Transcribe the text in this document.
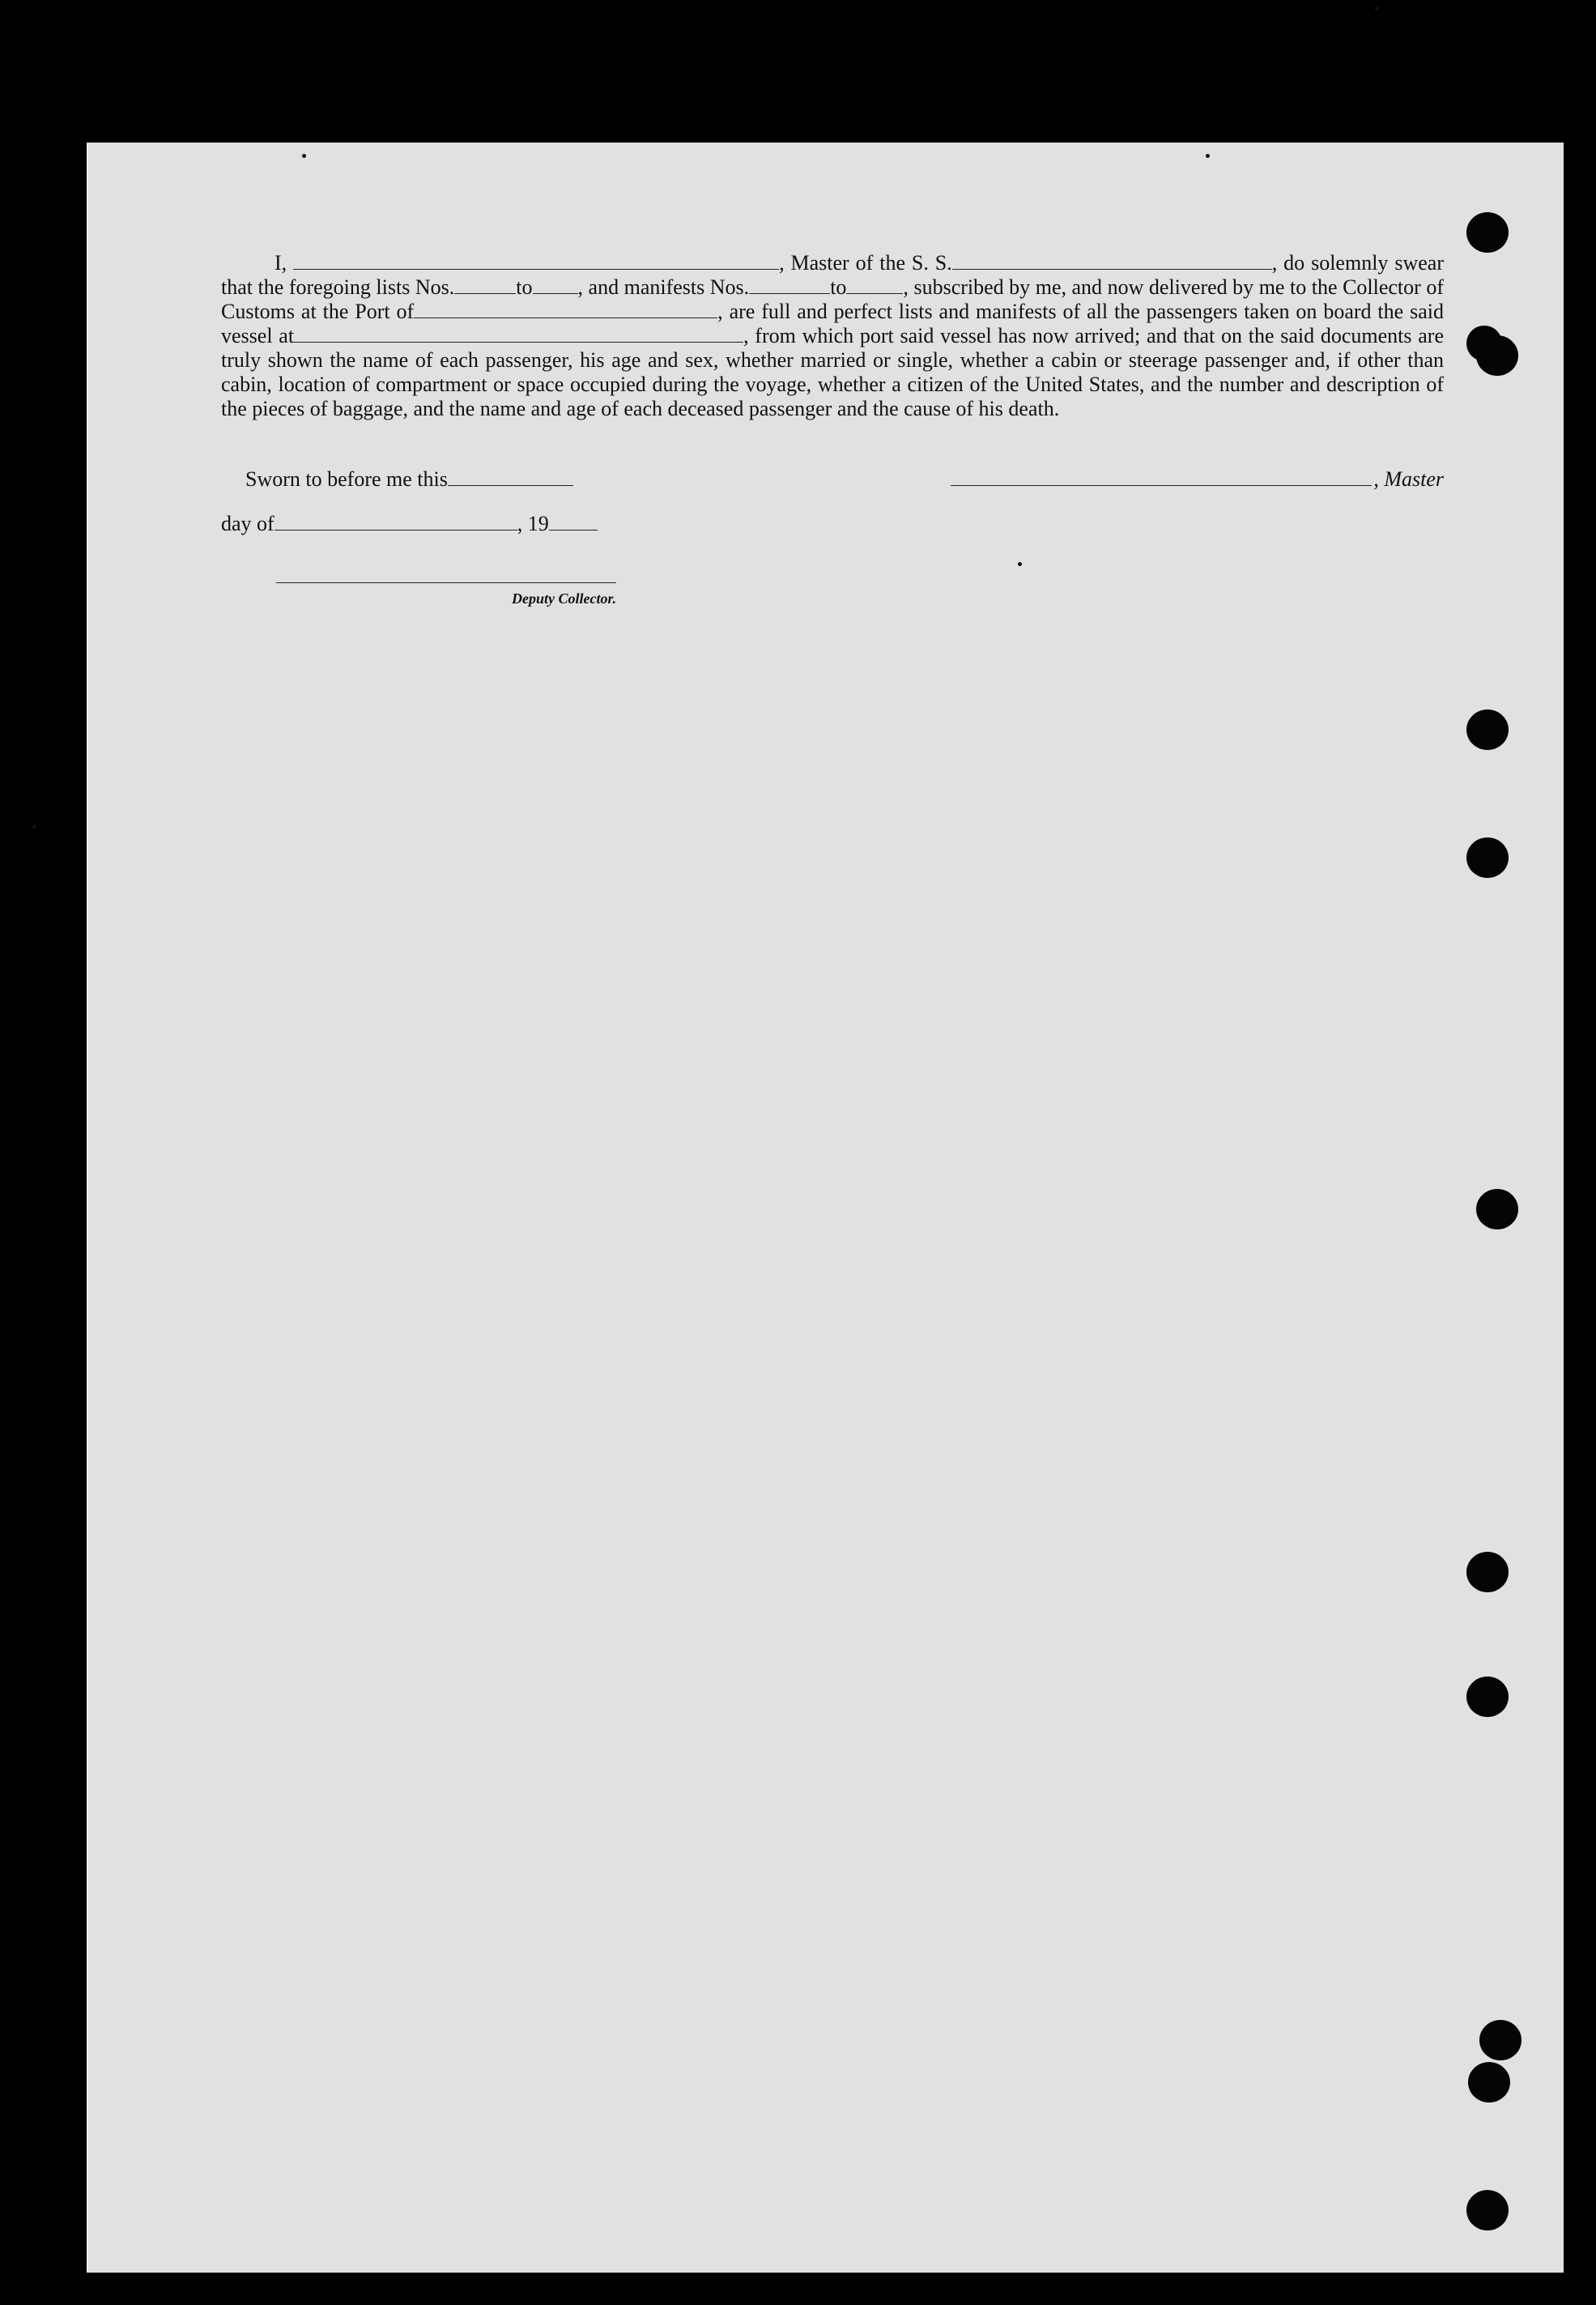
I,	, Master of the S. S.	, do solemnly swear that the foregoing lists Nos.	to , and manifests Nos.	to	, subscribed by me, and now delivered by me to the Collector of Customs at the Port of	, are full and perfect lists and manifests of all the passengers taken on board the said vessel at	, from which port said vessel has now arrived; and that on the said documents are truly shown the name of each passenger, his age and sex, whether married or single, whether a cabin or steerage passenger and, if other than cabin, location of compartment or space occupied during the voyage, whether a citizen of the United States, and the number and description of the pieces of baggage, and the name and age of each deceased passenger and the cause of his death.

Sworn to before me this	, Master
day of	, 19
Deputy Collector.
